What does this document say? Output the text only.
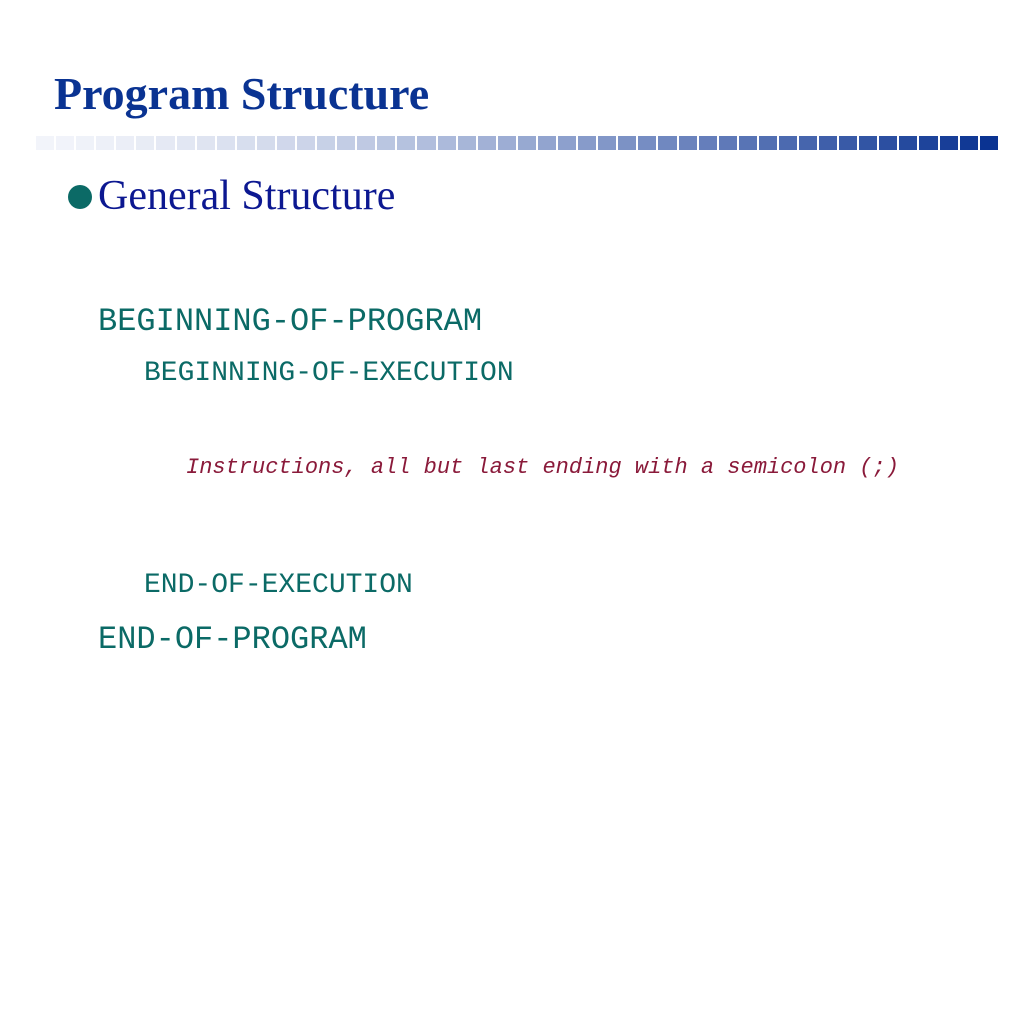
Program Structure
General Structure

BEGINNING-OF-PROGRAM

BEGINNING-OF-EXECUTION

Instructions, all but last ending with a semicolon (;)

END-OF-EXECUTION

END-OF-PROGRAM
